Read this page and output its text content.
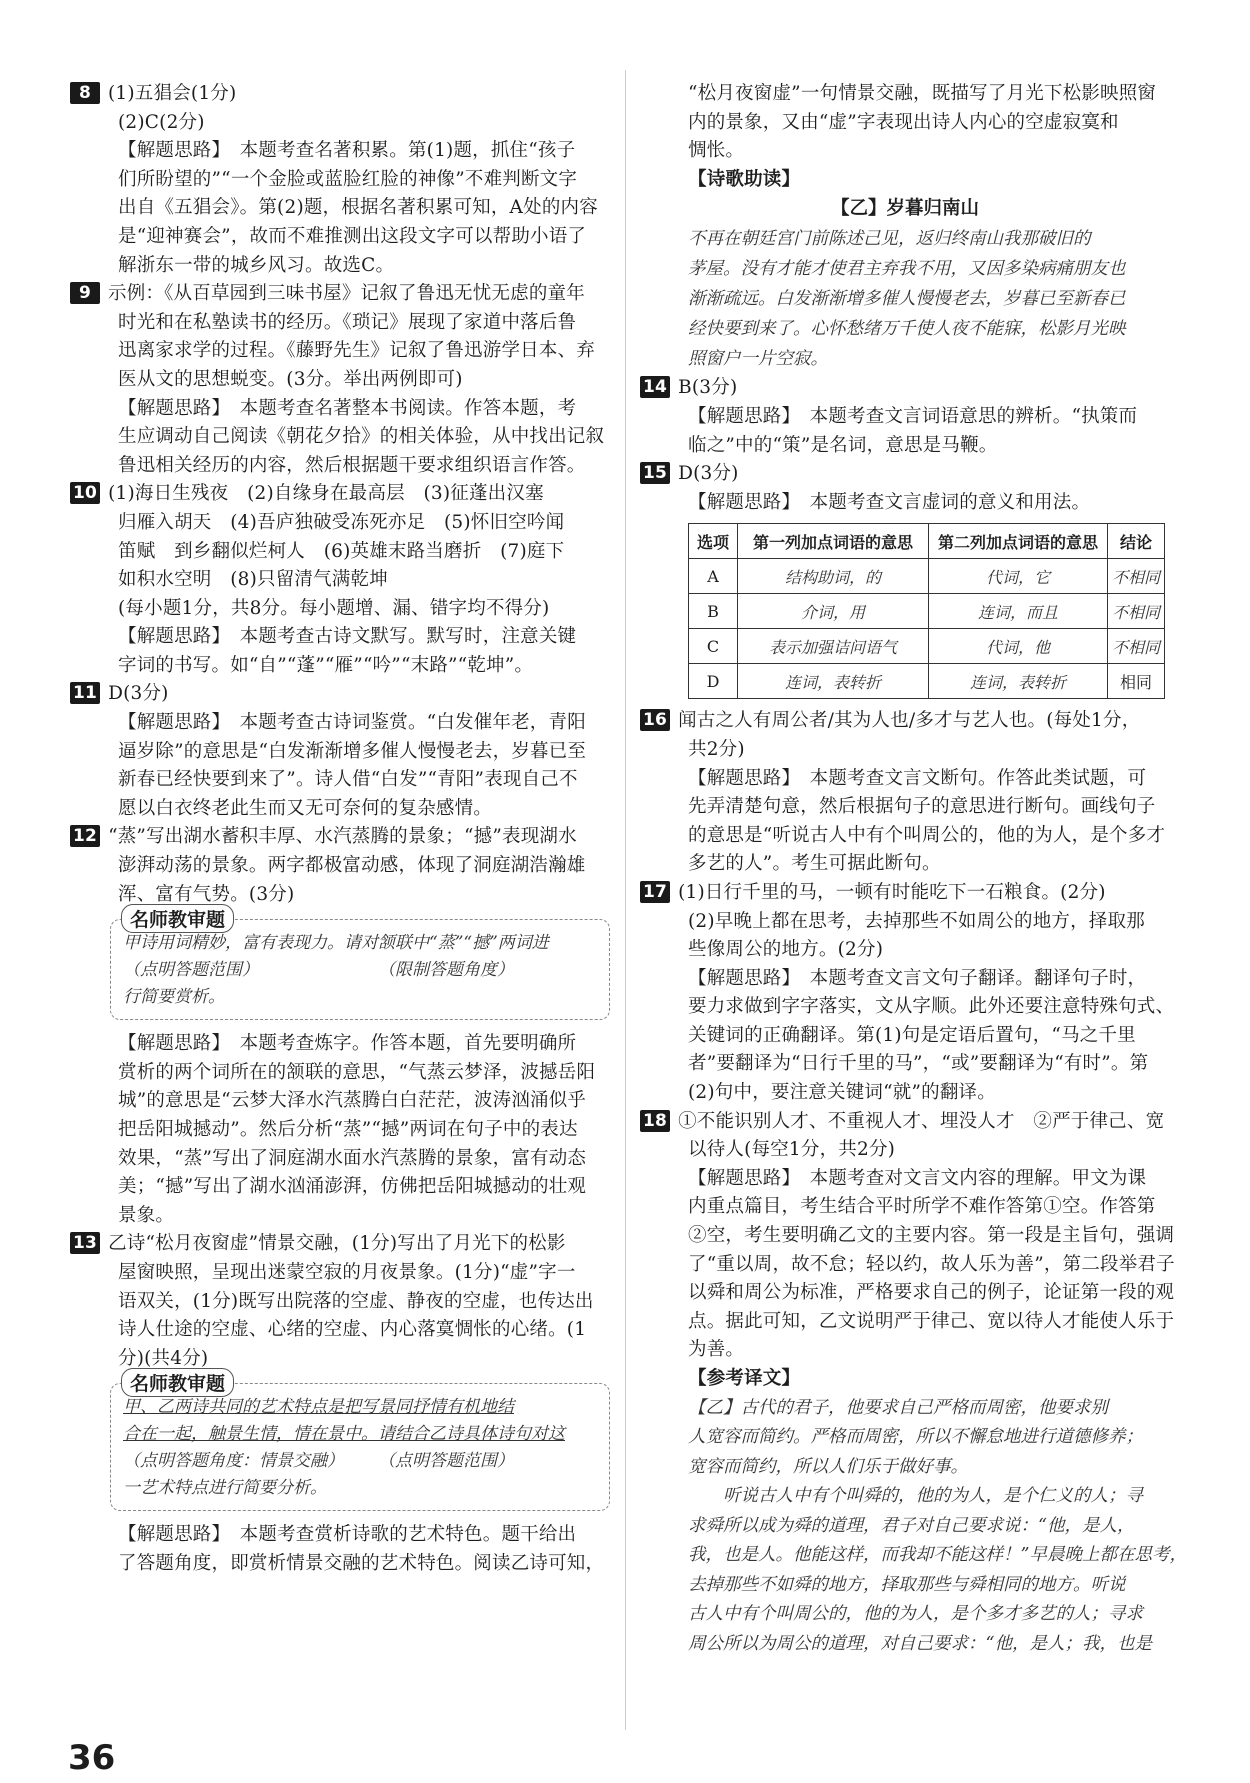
8 (1)五猖会(1分)
(2)C(2分)
【解题思路】　本题考查名著积累。第(1)题，抓住“孩子
们所盼望的”“一个金脸或蓝脸红脸的神像”不难判断文字
出自《五猖会》。第(2)题，根据名著积累可知，A处的内容
是“迎神赛会”，故而不难推测出这段文字可以帮助小语了
解浙东一带的城乡风习。故选C。
9 示例：《从百草园到三味书屋》记叙了鲁迅无忧无虑的童年
时光和在私塾读书的经历。《琐记》展现了家道中落后鲁
迅离家求学的过程。《藤野先生》记叙了鲁迅游学日本、弃
医从文的思想蜕变。(3分。举出两例即可)
【解题思路】　本题考查名著整本书阅读。作答本题，考
生应调动自己阅读《朝花夕拾》的相关体验，从中找出记叙
鲁迅相关经历的内容，然后根据题干要求组织语言作答。
10 (1)海日生残夜　(2)自缘身在最高层　(3)征蓬出汉塞
归雁入胡天　(4)吾庐独破受冻死亦足　(5)怀旧空吟闻
笛赋　到乡翻似烂柯人　(6)英雄末路当磨折　(7)庭下
如积水空明　(8)只留清气满乾坤
(每小题1分，共8分。每小题增、漏、错字均不得分)
【解题思路】　本题考查古诗文默写。默写时，注意关键
字词的书写。如“自”“蓬”“雁”“吟”“末路”“乾坤”。
11 D(3分)
【解题思路】　本题考查古诗词鉴赏。“白发催年老，青阳
逼岁除”的意思是“白发渐渐增多催人慢慢老去，岁暮已至
新春已经快要到来了”。诗人借“白发”“青阳”表现自己不
愿以白衣终老此生而又无可奈何的复杂感情。
12 “蒸”写出湖水蓄积丰厚、水汽蒸腾的景象；“撼”表现湖水
澎湃动荡的景象。两字都极富动感，体现了洞庭湖浩瀚雄
浑、富有气势。(3分)
名师教审题
甲诗用词精妙，富有表现力。请对颔联中“蒸”“撼”两词进
（点明答题范围）　　　　　　　　（限制答题角度）
行简要赏析。
【解题思路】　本题考查炼字。作答本题，首先要明确所
赏析的两个词所在的颔联的意思，“气蒸云梦泽，波撼岳阳
城”的意思是“云梦大泽水汽蒸腾白白茫茫，波涛汹涌似乎
把岳阳城撼动”。然后分析“蒸”“撼”两词在句子中的表达
效果，“蒸”写出了洞庭湖水面水汽蒸腾的景象，富有动态
美；“撼”写出了湖水汹涌澎湃，仿佛把岳阳城撼动的壮观
景象。
13 乙诗“松月夜窗虚”情景交融，(1分)写出了月光下的松影
屋窗映照，呈现出迷蒙空寂的月夜景象。(1分)“虚”字一
语双关，(1分)既写出院落的空虚、静夜的空虚，也传达出
诗人仕途的空虚、心绪的空虚、内心落寞惆怅的心绪。(1
分)(共4分)
名师教审题
甲、乙两诗共同的艺术特点是把写景同抒情有机地结
合在一起，触景生情，情在景中。请结合乙诗具体诗句对这
（点明答题角度：情景交融）　　　（点明答题范围）
一艺术特点进行简要分析。
【解题思路】　本题考查赏析诗歌的艺术特色。题干给出
了答题角度，即赏析情景交融的艺术特色。阅读乙诗可知，
“松月夜窗虚”一句情景交融，既描写了月光下松影映照窗
内的景象，又由“虚”字表现出诗人内心的空虚寂寞和
惆怅。
【诗歌助读】
【乙】岁暮归南山
不再在朝廷宫门前陈述己见，返归终南山我那破旧的
茅屋。没有才能才使君主弃我不用，又因多染病痛朋友也
渐渐疏远。白发渐渐增多催人慢慢老去，岁暮已至新春已
经快要到来了。心怀愁绪万千使人夜不能寐，松影月光映
照窗户一片空寂。
14 B(3分)
【解题思路】　本题考查文言词语意思的辨析。“执策而
临之”中的“策”是名词，意思是马鞭。
15 D(3分)
【解题思路】　本题考查文言虚词的意义和用法。
选项	第一列加点词语的意思	第二列加点词语的意思	结论
A	结构助词，的	代词，它	不相同
B	介词，用	连词，而且	不相同
C	表示加强诘问语气	代词，他	不相同
D	连词，表转折	连词，表转折	相同
16 闻古之人有周公者/其为人也/多才与艺人也。(每处1分，
共2分)
【解题思路】　本题考查文言文断句。作答此类试题，可
先弄清楚句意，然后根据句子的意思进行断句。画线句子
的意思是“听说古人中有个叫周公的，他的为人，是个多才
多艺的人”。考生可据此断句。
17 (1)日行千里的马，一顿有时能吃下一石粮食。(2分)
(2)早晚上都在思考，去掉那些不如周公的地方，择取那
些像周公的地方。(2分)
【解题思路】　本题考查文言文句子翻译。翻译句子时，
要力求做到字字落实，文从字顺。此外还要注意特殊句式、
关键词的正确翻译。第(1)句是定语后置句，“马之千里
者”要翻译为“日行千里的马”，“或”要翻译为“有时”。第
(2)句中，要注意关键词“就”的翻译。
18 ①不能识别人才、不重视人才、埋没人才　②严于律己、宽
以待人(每空1分，共2分)
【解题思路】　本题考查对文言文内容的理解。甲文为课
内重点篇目，考生结合平时所学不难作答第①空。作答第
②空，考生要明确乙文的主要内容。第一段是主旨句，强调
了“重以周，故不怠；轻以约，故人乐为善”，第二段举君子
以舜和周公为标准，严格要求自己的例子，论证第一段的观
点。据此可知，乙文说明严于律己、宽以待人才能使人乐于
为善。
【参考译文】
【乙】古代的君子，他要求自己严格而周密，他要求别
人宽容而简约。严格而周密，所以不懈怠地进行道德修养；
宽容而简约，所以人们乐于做好事。
　　听说古人中有个叫舜的，他的为人，是个仁义的人；寻
求舜所以成为舜的道理，君子对自己要求说：“他，是人，
我，也是人。他能这样，而我却不能这样！”早晨晚上都在思考，
去掉那些不如舜的地方，择取那些与舜相同的地方。听说
古人中有个叫周公的，他的为人，是个多才多艺的人；寻求
周公所以为周公的道理，对自己要求：“他，是人；我，也是
36
